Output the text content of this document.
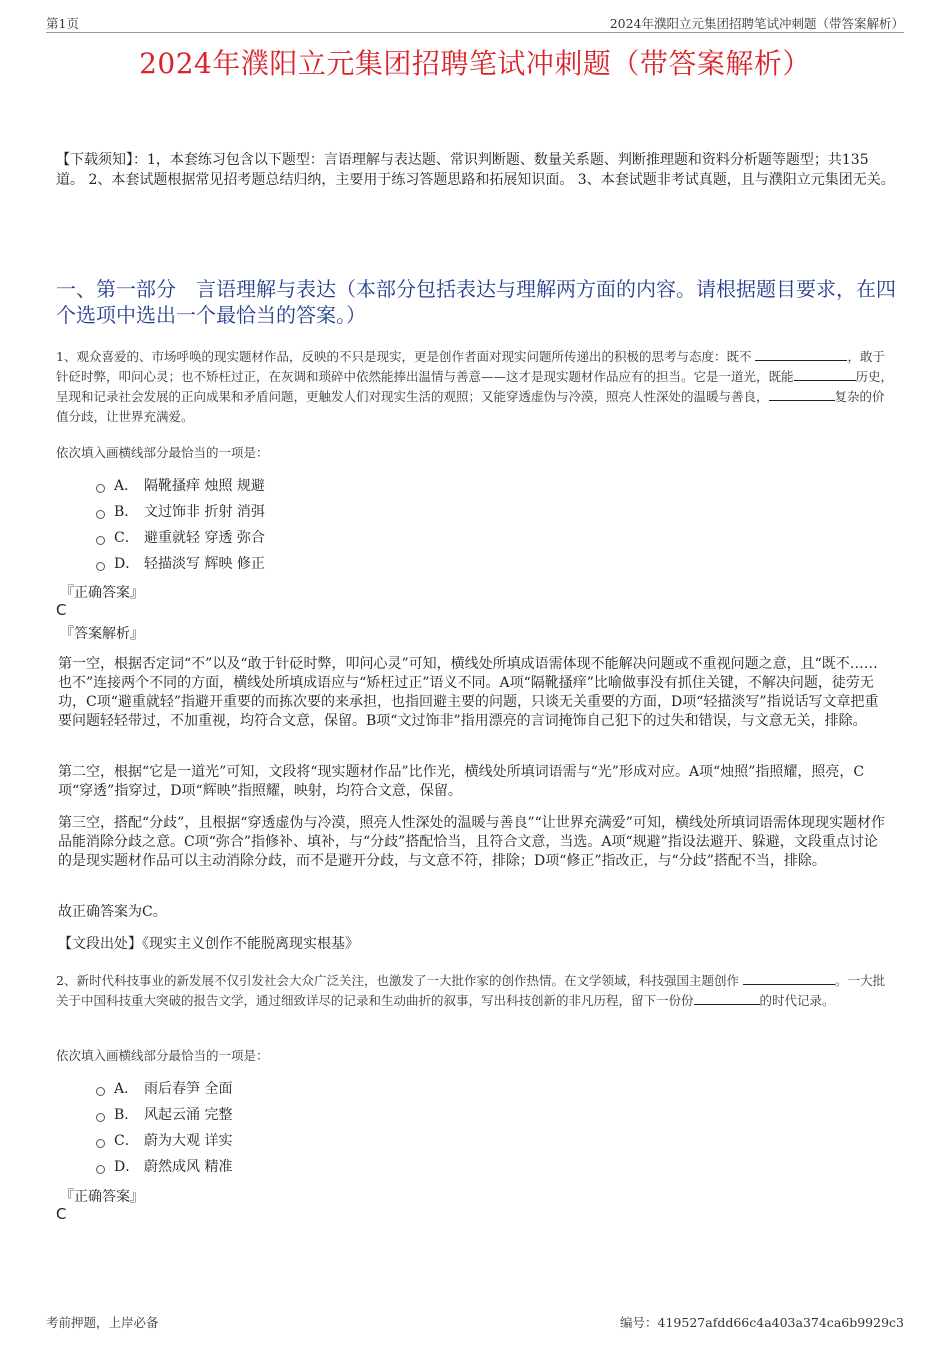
第1页	2024年濮阳立元集团招聘笔试冲刺题（带答案解析）
2024年濮阳立元集团招聘笔试冲刺题（带答案解析）
【下载须知】：1，本套练习包含以下题型：言语理解与表达题、常识判断题、数量关系题、判断推理题和资料分析题等题型；共135道。 2、本套试题根据常见招考题总结归纳，主要用于练习答题思路和拓展知识面。 3、本套试题非考试真题，且与濮阳立元集团无关。
一、第一部分　言语理解与表达（本部分包括表达与理解两方面的内容。请根据题目要求，在四个选项中选出一个最恰当的答案。）
1、观众喜爱的、市场呼唤的现实题材作品，反映的不只是现实，更是创作者面对现实问题所传递出的积极的思考与态度：既不	，敢于针砭时弊，叩问心灵；也不矫枉过正，在灰调和琐碎中依然能捧出温情与善意——这才是现实题材作品应有的担当。它是一道光，既能	历史，呈现和记录社会发展的正向成果和矛盾问题，更触发人们对现实生活的观照；又能穿透虚伪与冷漠，照亮人性深处的温暖与善良，	复杂的价值分歧，让世界充满爱。
依次填入画横线部分最恰当的一项是：
A． 隔靴搔痒 烛照 规避
B． 文过饰非 折射 消弭
C． 避重就轻 穿透 弥合
D． 轻描淡写 辉映 修正
『正确答案』
C
『答案解析』
第一空，根据否定词“不”以及“敢于针砭时弊，叩问心灵”可知，横线处所填成语需体现不能解决问题或不重视问题之意，且“既不……也不”连接两个不同的方面，横线处所填成语应与“矫枉过正”语义不同。A项“隔靴搔痒”比喻做事没有抓住关键，不解决问题，徒劳无功，C项“避重就轻”指避开重要的而拣次要的来承担，也指回避主要的问题，只谈无关重要的方面，D项“轻描淡写”指说话写文章把重要问题轻轻带过，不加重视，均符合文意，保留。B项“文过饰非”指用漂亮的言词掩饰自己犯下的过失和错误，与文意无关，排除。
第二空，根据“它是一道光”可知，文段将“现实题材作品”比作光，横线处所填词语需与“光”形成对应。A项“烛照”指照耀，照亮，C项“穿透”指穿过，D项“辉映”指照耀，映射，均符合文意，保留。
第三空，搭配“分歧”，且根据“穿透虚伪与冷漠，照亮人性深处的温暖与善良”“让世界充满爱”可知，横线处所填词语需体现现实题材作品能消除分歧之意。C项“弥合”指修补、填补，与“分歧”搭配恰当，且符合文意，当选。A项“规避”指设法避开、躲避，文段重点讨论的是现实题材作品可以主动消除分歧，而不是避开分歧，与文意不符，排除；D项“修正”指改正，与“分歧”搭配不当，排除。
故正确答案为C。
【文段出处】《现实主义创作不能脱离现实根基》
2、新时代科技事业的新发展不仅引发社会大众广泛关注，也激发了一大批作家的创作热情。在文学领域，科技强国主题创作	。一大批关于中国科技重大突破的报告文学，通过细致详尽的记录和生动曲折的叙事，写出科技创新的非凡历程，留下一份份	的时代记录。
依次填入画横线部分最恰当的一项是：
A． 雨后春笋 全面
B． 风起云涌 完整
C． 蔚为大观 详实
D． 蔚然成风 精准
『正确答案』
C
考前押题，上岸必备	编号：419527afdd66c4a403a374ca6b9929c3
